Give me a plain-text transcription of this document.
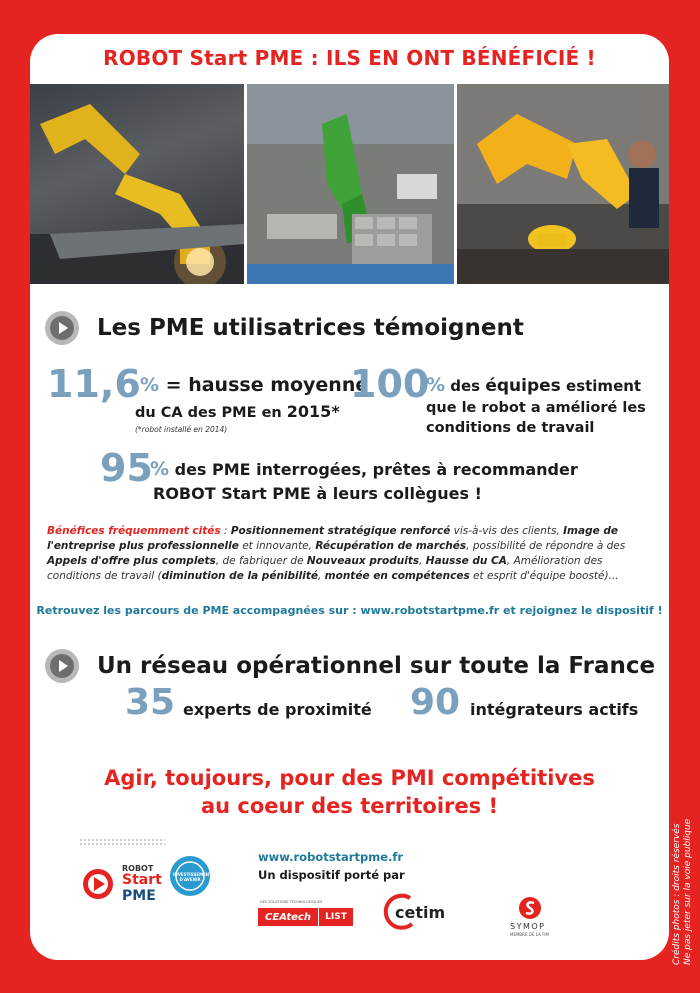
ROBOT Start PME : ILS EN ONT BÉNÉFICIÉ !
Les PME utilisatrices témoignent
11,6 % = hausse moyenne
du CA des PME en 2015*
(*robot installé en 2014)
100
% des équipes estiment
que le robot a amélioré les
conditions de travail
95
% des PME interrogées, prêtes à recommander
ROBOT Start PME à leurs collègues !
Bénéfices fréquemment cités : Positionnement stratégique renforcé vis-à-vis des clients, Image de l'entreprise plus professionnelle et innovante, Récupération de marchés, possibilité de répondre à des Appels d'offre plus complets, de fabriquer de Nouveaux produits, Hausse du CA, Amélioration des conditions de travail (diminution de la pénibilité, montée en compétences et esprit d'équipe boosté)...
Retrouvez les parcours de PME accompagnées sur : www.robotstartpme.fr et rejoignez le dispositif !
Un réseau opérationnel sur toute la France
35 experts de proximité 90 intégrateurs actifs
Agir, toujours, pour des PMI compétitives
au coeur des territoires !
ROBOT
Start
PME
INVESTISSEMENTS D'AVENIR
www.robotstartpme.fr
Un dispositif porté par
DES SOLUTIONS TECHNOLOGIQUES
CEAtech LIST	cetim
SYMOP
MEMBRE DE LA FIM	Crédits photos : droits réservés Ne pas jeter sur la voie publique
